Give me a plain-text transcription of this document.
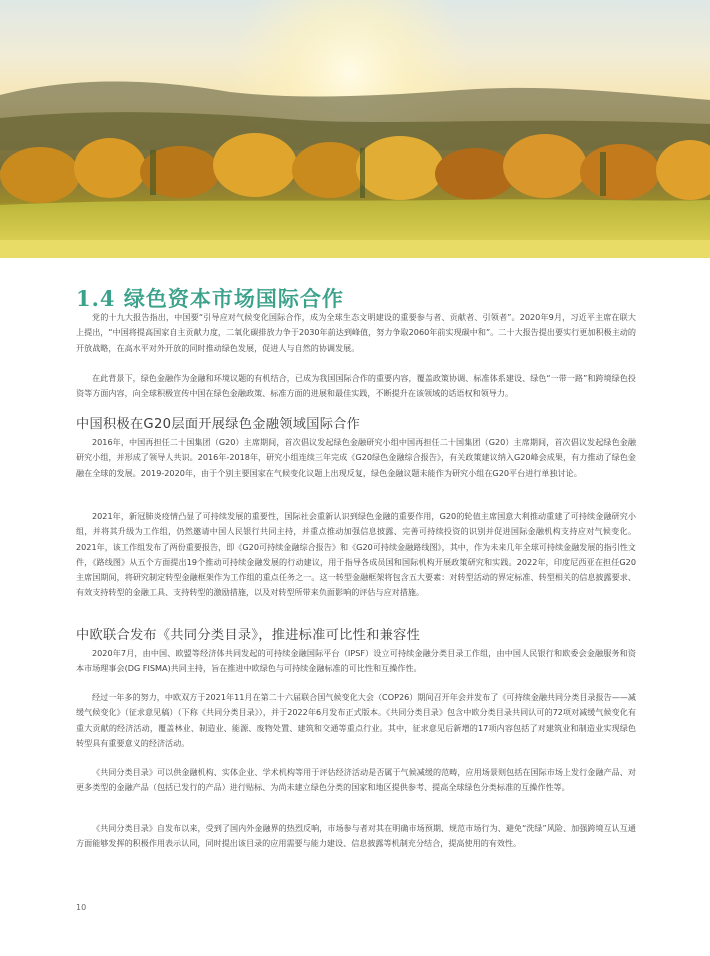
1.4 绿色资本市场国际合作

党的十九大报告指出，中国要“引导应对气候变化国际合作，成为全球生态文明建设的重要参与者、贡献者、引领者”。2020年9月，习近平主席在联大上提出，“中国将提高国家自主贡献力度，二氧化碳排放力争于2030年前达到峰值，努力争取2060年前实现碳中和”。二十大报告提出要实行更加积极主动的开放战略，在高水平对外开放的同时推动绿色发展，促进人与自然的协调发展。

在此背景下，绿色金融作为金融和环境议题的有机结合，已成为我国国际合作的重要内容，覆盖政策协调、标准体系建设、绿色“一带一路”和跨境绿色投资等方面内容，向全球积极宣传中国在绿色金融政策、标准方面的进展和最佳实践，不断提升在该领域的话语权和领导力。

中国积极在G20层面开展绿色金融领域国际合作

2016年，中国再担任二十国集团（G20）主席期间，首次倡议发起绿色金融研究小组中国再担任二十国集团（G20）主席期间，首次倡议发起绿色金融研究小组，并形成了领导人共识。2016年-2018年，研究小组连续三年完成《G20绿色金融综合报告》，有关政策建议纳入G20峰会成果，有力推动了绿色金融在全球的发展。2019-2020年，由于个别主要国家在气候变化议题上出现反复，绿色金融议题未能作为研究小组在G20平台进行单独讨论。

2021年，新冠肺炎疫情凸显了可持续发展的重要性，国际社会重新认识到绿色金融的重要作用，G20的轮值主席国意大利推动重建了可持续金融研究小组，并将其升级为工作组，仍然邀请中国人民银行共同主持，并重点推动加强信息披露、完善可持续投资的识别并促进国际金融机构支持应对气候变化。2021年，该工作组发布了两份重要报告，即《G20可持续金融综合报告》和《G20可持续金融路线图》，其中，作为未来几年全球可持续金融发展的指引性文件，《路线图》从五个方面提出19个推动可持续金融发展的行动建议，用于指导各成员国和国际机构开展政策研究和实践。2022年，印度尼西亚在担任G20主席国期间，将研究制定转型金融框架作为工作组的重点任务之一。这一转型金融框架将包含五大要素：对转型活动的界定标准、转型相关的信息披露要求、有效支持转型的金融工具、支持转型的激励措施，以及对转型所带来负面影响的评估与应对措施。

中欧联合发布《共同分类目录》，推进标准可比性和兼容性

2020年7月，由中国、欧盟等经济体共同发起的可持续金融国际平台（IPSF）设立可持续金融分类目录工作组，由中国人民银行和欧委会金融服务和资本市场理事会(DG FISMA)共同主持，旨在推进中欧绿色与可持续金融标准的可比性和互操作性。

经过一年多的努力，中欧双方于2021年11月在第二十六届联合国气候变化大会（COP26）期间召开年会并发布了《可持续金融共同分类目录报告——减缓气候变化》（征求意见稿）（下称《共同分类目录》），并于2022年6月发布正式版本。《共同分类目录》包含中欧分类目录共同认可的72项对减缓气候变化有重大贡献的经济活动，覆盖林业、制造业、能源、废物处置、建筑和交通等重点行业。其中，征求意见后新增的17项内容包括了对建筑业和制造业实现绿色转型具有重要意义的经济活动。

《共同分类目录》可以供金融机构、实体企业、学术机构等用于评估经济活动是否属于气候减缓的范畴，应用场景则包括在国际市场上发行金融产品、对更多类型的金融产品（包括已发行的产品）进行贴标、为尚未建立绿色分类的国家和地区提供参考、提高全球绿色分类标准的互操作性等。

《共同分类目录》自发布以来，受到了国内外金融界的热烈反响，市场参与者对其在明确市场预期、规范市场行为、避免“洗绿”风险、加强跨境互认互通方面能够发挥的积极作用表示认同，同时提出该目录的应用需要与能力建设、信息披露等机制充分结合，提高使用的有效性。

10
